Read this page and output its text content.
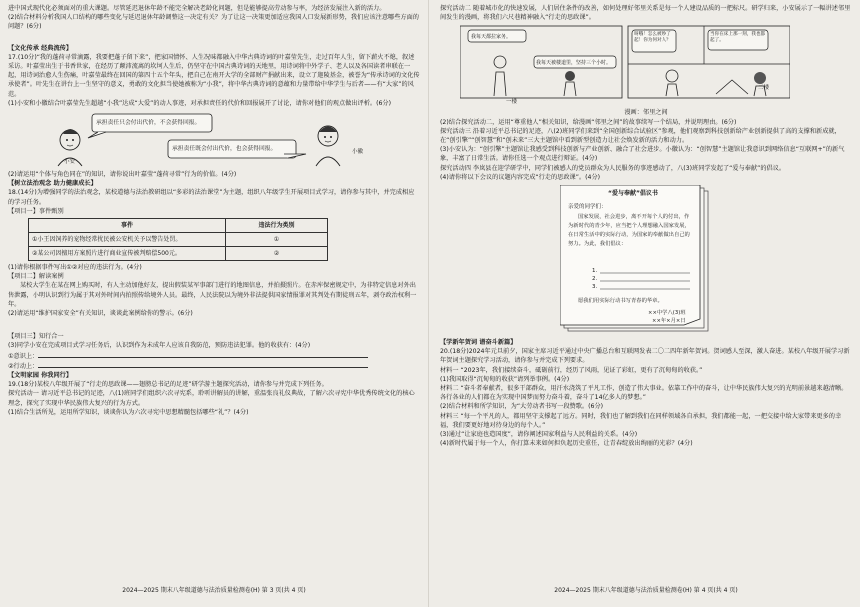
进中国式现代化必须面对的重大课题。尽管延迟退休年龄不能完全解决老龄化问题，但是能够提高劳动参与率，为经济发展注入新的活力。

(2)结合材料分析我国人口结构的哪些变化与延迟退休年龄调整这一决定有关？为了让这一决策更加适应我国人口发展新形势，我们应该注意哪些方面的问题？(6分)

【文化传承 经典流传】

17.(10分)“我的蓬荷寻常滴露，我要把蓬子留下来”，把家国情怀、人生况味都融入中华古典诗词的叶嘉莹先生，走过百年人生，留下薪火不熄，叙述采访。叶嘉莹出生于书香世家，在经历了颠沛流离的坎坷人生后，仍坚守在中国古典诗词的天地里，用诗词将中外学子、老人以及各国读者串联在一起，用诗词治愈人生伤痛，叶嘉莹最终在回国的第四十五个年头，把自己在南开大学的全部财产捐献出来，设立了迦陵基金，被誉为“传承诗词的文化传承使者”。叶先生在讲台上一生坚守的意义，勇敢的文化担当使她被称为“小我”，将中华古典诗词的意蕴和力量带给中华学生与后者——有“大家”的风范。

(1)小安和小徽结合叶嘉莹先生超越“小我”达成“大爱”的动人事迹，对承担责任的代价和回报展开了讨论，请你对他们的观点做出评析。(6分)

承担责任只会付出代价，不会获得回报。
承担责任既会付出代价，也会获得回报。
小安
小徽

(2)请运用“个体与角色同在”的知识，请你说出叶嘉莹“蓬荷寻常”行为的价值。(4分)

【树立法治观念 助力健康成长】

18.(14分)为增强同学的法治观念，某校道德与法治教研组以“多彩的法治课堂”为主题，组织八年级学生开展项目式学习，请你参与其中，并完成相应的学习任务。

【项目一】事件甄别

事件	违法行为类别
①小王因饲养的宠物经常扰民被公安机关予以警告处罚。	①
②某公司因擅用方案照片进行商业宣传被判赔偿500元。	②

(1)请你根据事件写出①②对应的违法行为。(4分)

【项目二】解读案例

某校大学生在某在网上购买时，有人主动加他好友，提出假装某军事部门进行的地图信息，并拍摄照片。在赤库保密规定中，为非特定信息对外出售泄露，小明认识到行为属于其对外时间内拍照传给境外人员。最终，人民法院以为境外非法提供国家情报罪对其判处有期徒刑五年，剥夺政治权利一年。

(2)请运用“维护国家安全”有关知识，谈谈此案例给你的警示。(6分)

【项目三】知行合一

(3)同学小安在完成项目式学习任务后，认识到作为未成年人应该自我防范，预防违法犯罪。他的收获有：(4分)

①意识上：

②行动上：

【文明家园 你我同行】

19.(18分)某校八年级开展了“行走的思政课——翅膀总书记的足迹”研学游主题探究活动，请你参与并完成下列任务。

探究活动一 请习近平总书记的足迹，八(1)班同学们组织六次寻宪系，聆听讲解员的讲解，重温张良礼仪典故，了解六次寻宪中华优秀传统文化的核心理念，探究了实现中华民族伟大复兴的行为方式。

(1)结合生活所见，运用所学知识，谈谈你认为六次寻宪中思想精髓包括哪些“礼”？(4分)

探究活动二 随着城市化的快速发展，人们居住条件的改善，如何处理好邻里关系是每一个人建设品质的一把标尺。研学归来，小安展示了一幅讲述邻里间发生的漫画，将我们六尺巷精神融入“行走的思政课”。

我每天都拉家务。
我每天被楼道里，坚持三个小时。
呀哦！怎么被吵了起！你为何对人？
当你在床上那一刻，我也都起了。
一楼
二楼

漫画：邻里之间

(2)结合探究活动二，运用“尊重他人”相关知识，给漫画“邻里之间”的故事续写一个结局，并说明理由。(6分)

探究活动三 沿着习近平总书记的足迹，八(2)班同学们来到“全国创新综合试验区”参观，他们观察到科技创新给产业创新提供了高的支撑和新成就，在“创引擎”“创智慧”和“创未来”三大主题馆中看到新型创造力让社会焕发新的活力和动力。

(3)小安认为：“创引擎”主题馆让我感受到科技创新与产业创新、融合了社会进步。小徽认为：“创智慧”主题馆让我意识到网络信息“互联网+”的新气象，丰富了日常生活。请你任选一个观点进行辩证。(4分)

探究活动四 李岚县在迎学研学中，同学们被感人的党员群众为人民服务的事迹感动了，八(3)班同学发起了“爱与奉献”的倡议。

(4)请你将以下会议的议题内容完成“行走的思政课”。(4分)

“爱与奉献”倡议书
亲爱的同学们：
国家发展，社会进步，离不开每个人的付出，作为新时代的青少年，应当把个人理想融入国家发展，在日常生活中的实际行动，为国家的奉献做出自己的努力。为此，我们倡议：
1.
2.
3.
愿我们用实际行动书写青春的华章。
××中学八(3)班
××年×月×日

【学新年贺词 谱奋斗新篇】

20.(18分)2024年元旦前夕，国家主席习近平通过中央广播总台和互联网发表二〇二四年新年贺词。贺词感人至深，激人奋进。某校八年级开展学习新年贺词主题探究学习活动，请你参与并完成下列要求。

材料一 “2023年，我们接续奋斗，砥砺前行，经历了风雨，见证了彩虹，更有了沉甸甸的收获。”

(1)我国取得“沉甸甸的收获”请列举事例。(4分)

材料二 “奋斗者奉献者，很多干部群众，用汗水浇筑了平凡工作，创造了伟大事业。依靠工作中的奋斗，让中华民族伟大复兴的光明前景越来越清晰。各行各业的人们都在为实现中国梦而努力奋斗着，奋斗了14亿多人的梦想。”

(2)结合材料和所学知识，为“大劳动者书写一段赞歌。(6分)

材料三 “每一个平凡的人，都用坚守支撑起了远方。同时，我们也了解到我们在同样领域各自承担，我们都能一起，一把交接中给大家带来更多的幸福，我们要更好地对待身边的每个人。”

(3)通过“让家庭也造国度”，请你阐述国家利益与人民利益的关系。(4分)

(4)新时代属于每一个人，你打算未来如何担负起历史重任，让青春绽放出绚丽的光彩？(4分)

2024—2025 期末八年级道德与法治质量检测卷(H) 第 3 页(共 4 页)	2024—2025 期末八年级道德与法治质量检测卷(H) 第 4 页(共 4 页)
